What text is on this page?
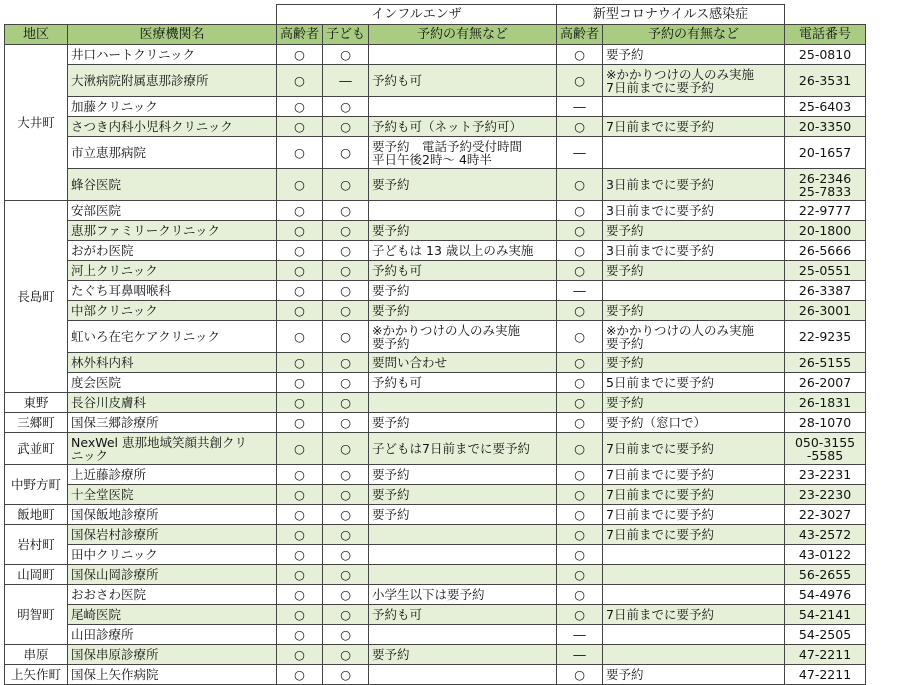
		インフルエンザ			新型コロナウイルス感染症		
地区	医療機関名	高齢者	子ども	予約の有無など	高齢者	予約の有無など	電話番号
大井町	井口ハートクリニック	○	○		○	要予約	25-0810

	大湫病院附属恵那診療所	○	―	予約も可	○	※かかりつけの人のみ実施
7日前までに要予約	26-3531

	加藤クリニック	○	○		―		25-6403

	さつき内科小児科クリニック	○	○	予約も可（ネット予約可）	○	7日前までに要予約	20-3350

	市立恵那病院	○	○	要予約　電話予約受付時間
平日午後2時～ 4時半	―		20-1657

	蜂谷医院	○	○	要予約	○	3日前までに要予約	26-2346
25-7833

長島町	安部医院	○	○		○	3日前までに要予約	22-9777

	恵那ファミリークリニック	○	○	要予約	○	要予約	20-1800

	おがわ医院	○	○	子どもは 13 歳以上のみ実施	○	3日前までに要予約	26-5666

	河上クリニック	○	○	予約も可	○	要予約	25-0551

	たぐち耳鼻咽喉科	○	○	要予約	―		26-3387

	中部クリニック	○	○	要予約	○	要予約	26-3001

	虹いろ在宅ケアクリニック	○	○	※かかりつけの人のみ実施
要予約	○	※かかりつけの人のみ実施
要予約	22-9235

	林外科内科	○	○	要問い合わせ	○	要予約	26-5155

	度会医院	○	○	予約も可	○	5日前までに要予約	26-2007

東野	長谷川皮膚科	○	○		○	要予約	26-1831

三郷町	国保三郷診療所	○	○	要予約	○	要予約（窓口で）	28-1070

武並町	NexWel 恵那地域笑顔共創クリ
ニック	○	○	子どもは7日前までに要予約	○	7日前までに要予約	050-3155
-5585

中野方町	上近藤診療所	○	○	要予約	○	7日前までに要予約	23-2231

	十全堂医院	○	○	要予約	○	7日前までに要予約	23-2230

飯地町	国保飯地診療所	○	○	要予約	○	7日前までに要予約	22-3027

岩村町	国保岩村診療所	○	○		○	7日前までに要予約	43-2572

	田中クリニック	○	○		○		43-0122

山岡町	国保山岡診療所	○	○		○		56-2655

明智町	おおさわ医院	○	○	小学生以下は要予約	○		54-4976

	尾崎医院	○	○	予約も可	○	7日前までに要予約	54-2141

	山田診療所	○	○		―		54-2505

串原	国保串原診療所	○	○	要予約	―		47-2211

上矢作町	国保上矢作病院	○	○		○	要予約	47-2211
